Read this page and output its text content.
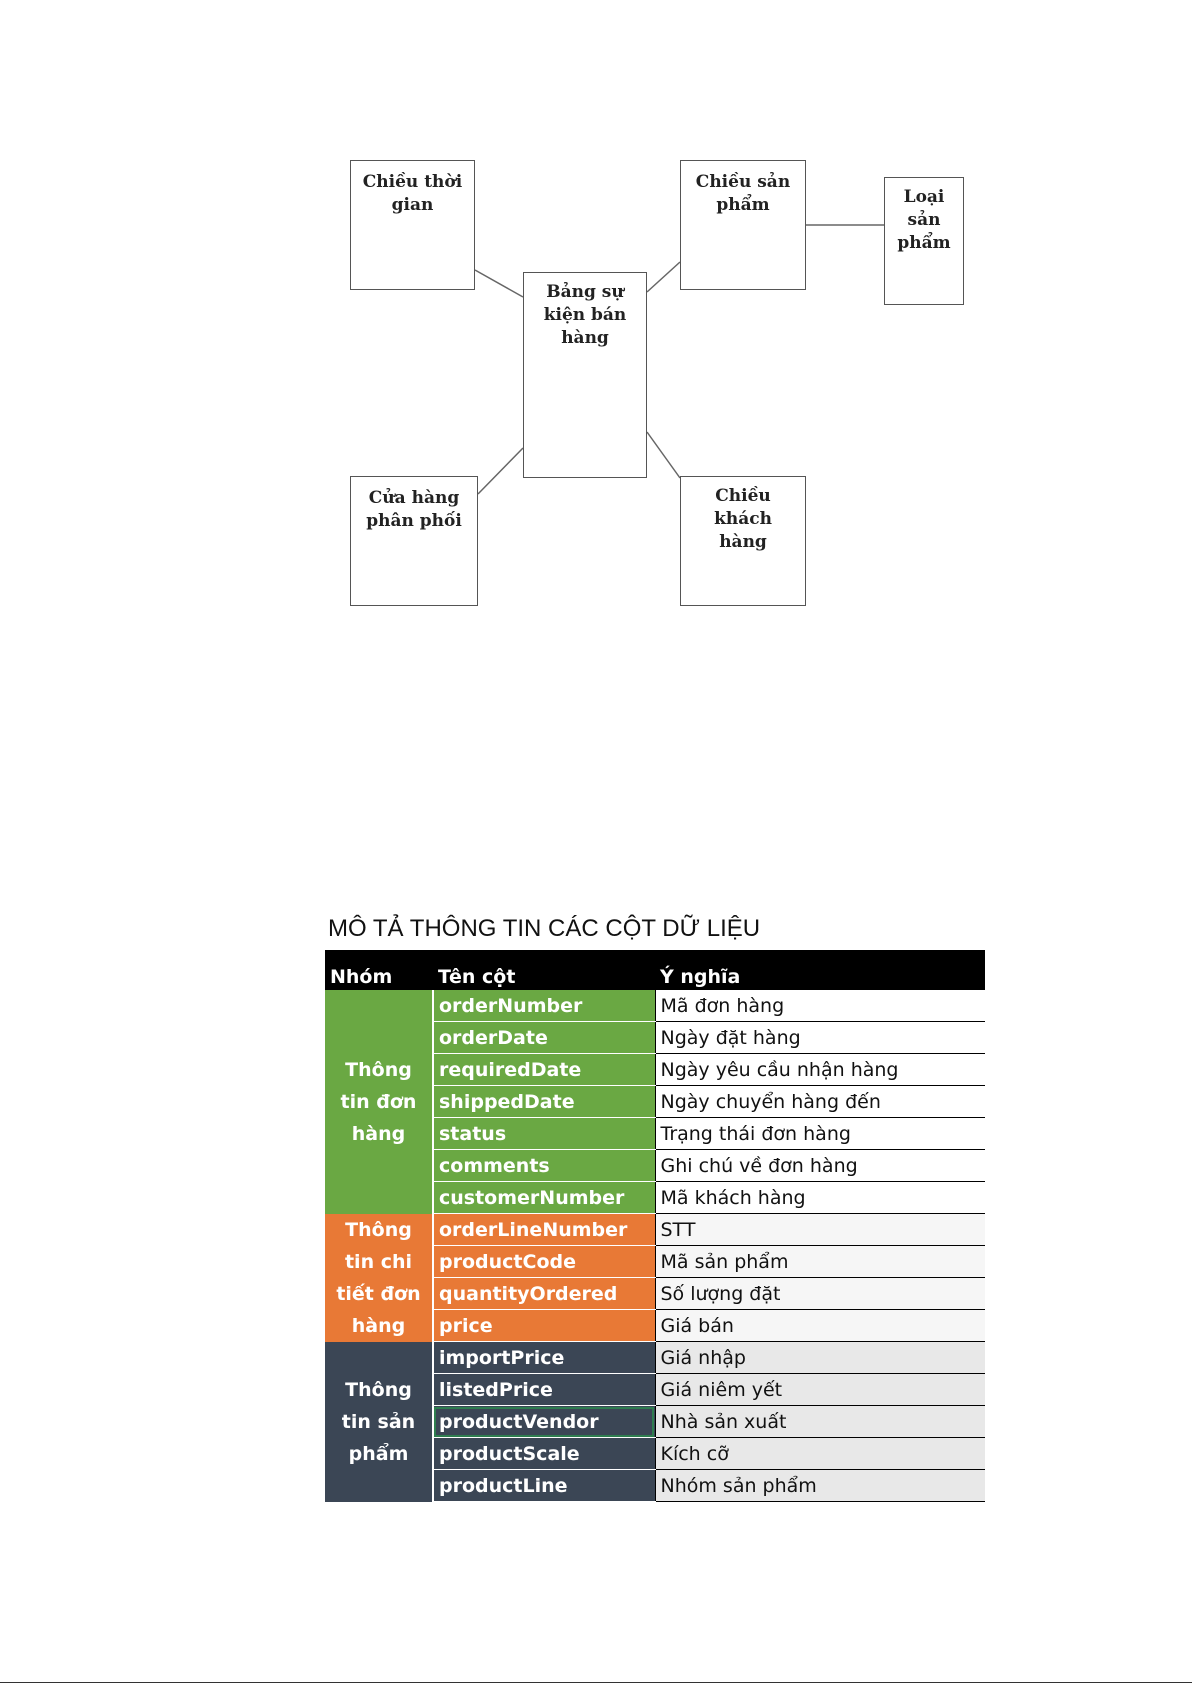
Chiều thời
gian
Bảng sự
kiện bán
hàng
Chiều sản
phẩm	Loại
sản
phẩm
Cửa hàng
phân phối
Chiều
khách
hàng
MÔ TẢ THÔNG TIN CÁC CỘT DỮ LIỆU
Nhóm	Tên cột	Ý nghĩa
Thông tin đơn hàng	orderNumber	Mã đơn hàng
	orderDate	Ngày đặt hàng
	requiredDate	Ngày yêu cầu nhận hàng
	shippedDate	Ngày chuyển hàng đến
	status	Trạng thái đơn hàng
	comments	Ghi chú về đơn hàng
	customerNumber	Mã khách hàng
Thông tin chi tiết đơn hàng	orderLineNumber	STT
	productCode	Mã sản phẩm
	quantityOrdered	Số lượng đặt
	price	Giá bán
Thông tin sản phẩm	importPrice	Giá nhập
	listedPrice	Giá niêm yết
	productVendor	Nhà sản xuất
	productScale	Kích cỡ
	productLine	Nhóm sản phẩm
